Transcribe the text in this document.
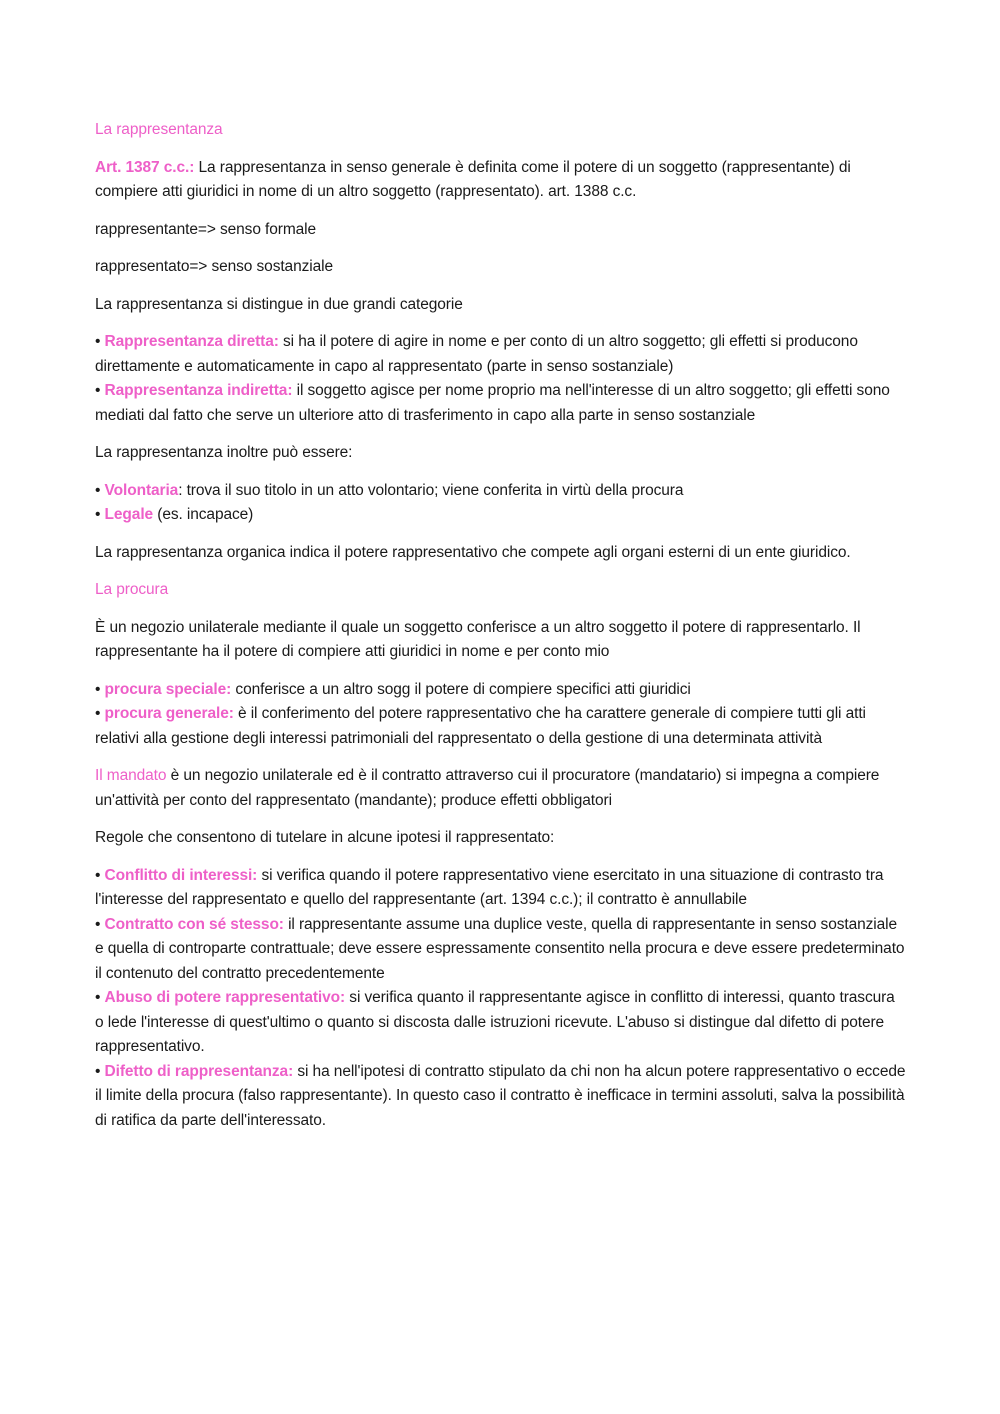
La rappresentanza

Art. 1387 c.c.: La rappresentanza in senso generale è definita come il potere di un soggetto (rappresentante) di compiere atti giuridici in nome di un altro soggetto (rappresentato). art. 1388 c.c.

rappresentante=> senso formale

rappresentato=> senso sostanziale

La rappresentanza si distingue in due grandi categorie

• Rappresentanza diretta: si ha il potere di agire in nome e per conto di un altro soggetto; gli effetti si producono direttamente e automaticamente in capo al rappresentato (parte in senso sostanziale)
• Rappresentanza indiretta: il soggetto agisce per nome proprio ma nell'interesse di un altro soggetto; gli effetti sono mediati dal fatto che serve un ulteriore atto di trasferimento in capo alla parte in senso sostanziale

La rappresentanza inoltre può essere:

• Volontaria: trova il suo titolo in un atto volontario; viene conferita in virtù della procura
• Legale (es. incapace)

La rappresentanza organica indica il potere rappresentativo che compete agli organi esterni di un ente giuridico.

La procura

È un negozio unilaterale mediante il quale un soggetto conferisce a un altro soggetto il potere di rappresentarlo. Il rappresentante ha il potere di compiere atti giuridici in nome e per conto mio

• procura speciale: conferisce a un altro sogg il potere di compiere specifici atti giuridici
• procura generale: è il conferimento del potere rappresentativo che ha carattere generale di compiere tutti gli atti relativi alla gestione degli interessi patrimoniali del rappresentato o della gestione di una determinata attività

Il mandato è un negozio unilaterale ed è il contratto attraverso cui il procuratore (mandatario) si impegna a compiere un'attività per conto del rappresentato (mandante); produce effetti obbligatori

Regole che consentono di tutelare in alcune ipotesi il rappresentato:

• Conflitto di interessi: si verifica quando il potere rappresentativo viene esercitato in una situazione di contrasto tra l'interesse del rappresentato e quello del rappresentante (art. 1394 c.c.); il contratto è annullabile
• Contratto con sé stesso: il rappresentante assume una duplice veste, quella di rappresentante in senso sostanziale e quella di controparte contrattuale; deve essere espressamente consentito nella procura e deve essere predeterminato il contenuto del contratto precedentemente
• Abuso di potere rappresentativo: si verifica quanto il rappresentante agisce in conflitto di interessi, quanto trascura o lede l'interesse di quest'ultimo o quanto si discosta dalle istruzioni ricevute. L'abuso si distingue dal difetto di potere rappresentativo.
• Difetto di rappresentanza: si ha nell'ipotesi di contratto stipulato da chi non ha alcun potere rappresentativo o eccede il limite della procura (falso rappresentante). In questo caso il contratto è inefficace in termini assoluti, salva la possibilità di ratifica da parte dell'interessato.
